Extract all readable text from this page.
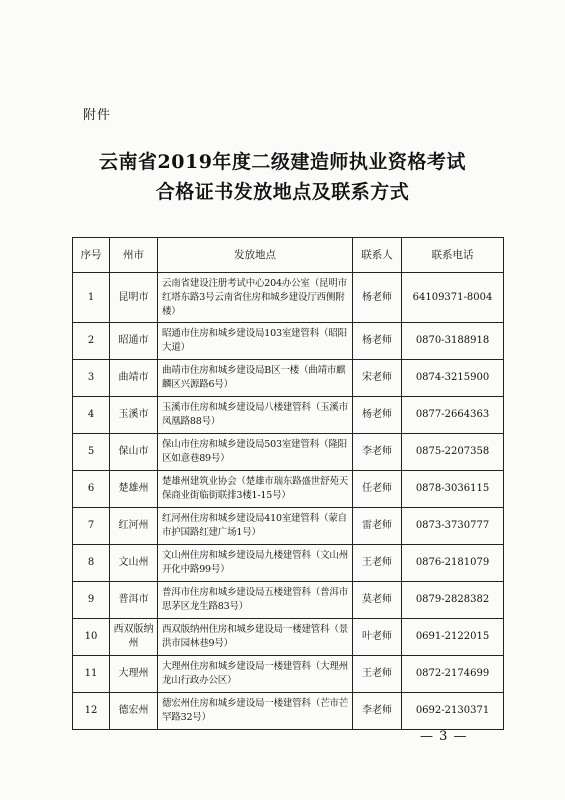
附件
云南省2019年度二级建造师执业资格考试
合格证书发放地点及联系方式
序号	州市	发放地点	联系人	联系电话
1	昆明市	云南省建设注册考试中心204办公室（昆明市红塔东路3号云南省住房和城乡建设厅西侧附楼）	杨老师	64109371-8004
2	昭通市	昭通市住房和城乡建设局103室建管科（昭阳大道）	杨老师	0870-3188918
3	曲靖市	曲靖市住房和城乡建设局B区一楼（曲靖市麒麟区兴源路6号）	宋老师	0874-3215900
4	玉溪市	玉溪市住房和城乡建设局八楼建管科（玉溪市凤凰路88号）	杨老师	0877-2664363
5	保山市	保山市住房和城乡建设局503室建管科（隆阳区如意巷89号）	李老师	0875-2207358
6	楚雄州	楚雄州建筑业协会（楚雄市瑞东路盛世舒苑天保商业街临街联排3楼1-15号）	任老师	0878-3036115
7	红河州	红河州住房和城乡建设局410室建管科（蒙自市护国路红建广场1号）	雷老师	0873-3730777
8	文山州	文山州住房和城乡建设局九楼建管科（文山州开化中路99号）	王老师	0876-2181079
9	普洱市	普洱市住房和城乡建设局五楼建管科（普洱市思茅区龙生路83号）	莫老师	0879-2828382
10	西双版纳州	西双版纳州住房和城乡建设局一楼建管科（景洪市园林巷9号）	叶老师	0691-2122015
11	大理州	大理州住房和城乡建设局一楼建管科（大理州龙山行政办公区）	王老师	0872-2174699
12	德宏州	德宏州住房和城乡建设局一楼建管科（芒市芒罕路32号）	李老师	0692-2130371
— 3 —
